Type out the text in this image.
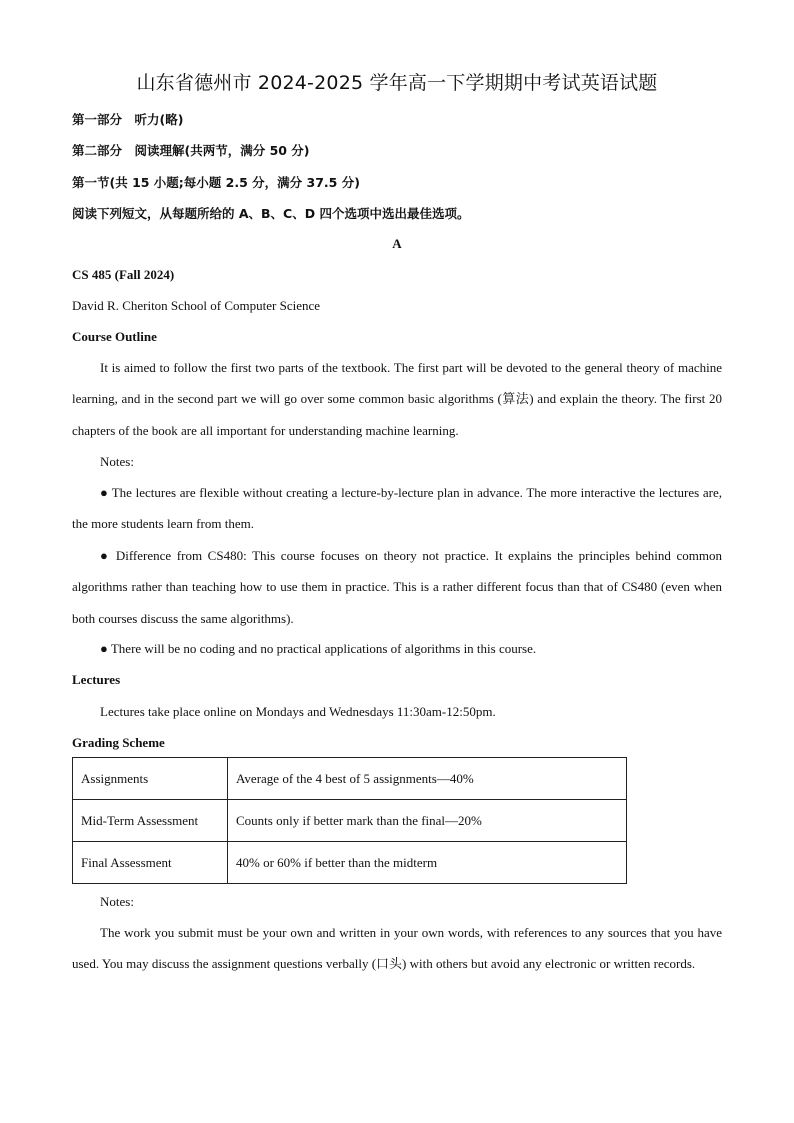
山东省德州市 2024-2025 学年高一下学期期中考试英语试题
第一部分　听力(略)
第二部分　阅读理解(共两节，满分 50 分)
第一节(共 15 小题;每小题 2.5 分，满分 37.5 分)
阅读下列短文，从每题所给的 A、B、C、D 四个选项中选出最佳选项。
A
CS 485 (Fall 2024)
David R. Cheriton School of Computer Science
Course Outline
It is aimed to follow the first two parts of the textbook. The first part will be devoted to the general theory of machine learning, and in the second part we will go over some common basic algorithms (算法) and explain the theory. The first 20 chapters of the book are all important for understanding machine learning.
Notes:
● The lectures are flexible without creating a lecture-by-lecture plan in advance. The more interactive the lectures are, the more students learn from them.
● Difference from CS480: This course focuses on theory not practice. It explains the principles behind common algorithms rather than teaching how to use them in practice. This is a rather different focus than that of CS480 (even when both courses discuss the same algorithms).
● There will be no coding and no practical applications of algorithms in this course.
Lectures
Lectures take place online on Mondays and Wednesdays 11:30am-12:50pm.
Grading Scheme
Assignments	Average of the 4 best of 5 assignments—40%
Mid-Term Assessment	Counts only if better mark than the final—20%
Final Assessment	40% or 60% if better than the midterm
Notes:
The work you submit must be your own and written in your own words, with references to any sources that you have used. You may discuss the assignment questions verbally (口头) with others but avoid any electronic or written records.
